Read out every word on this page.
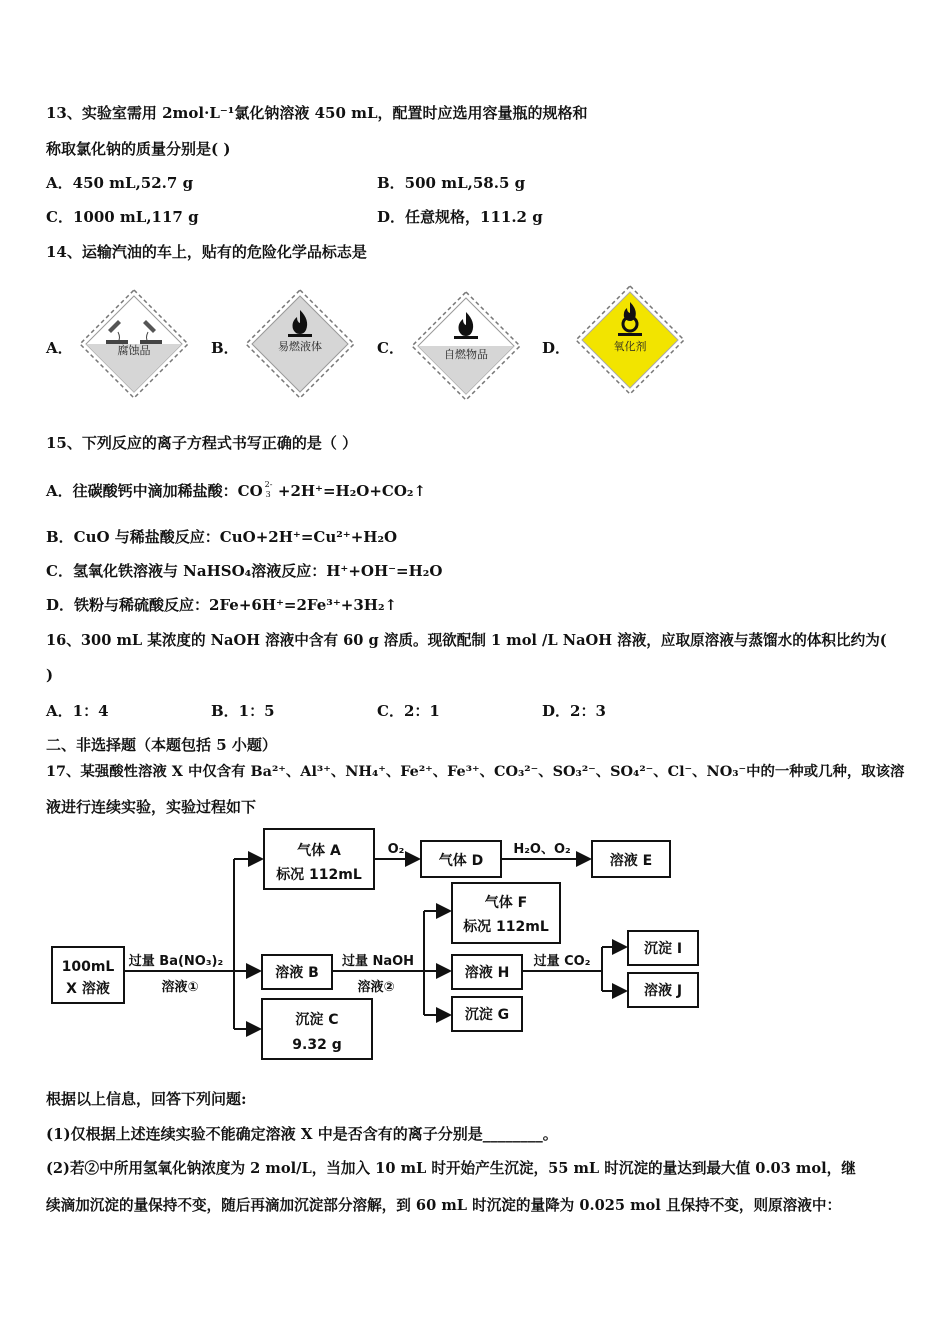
13、实验室需用 2mol·L⁻¹氯化钠溶液 450 mL，配置时应选用容量瓶的规格和
称取氯化钠的质量分别是( )
A．450 mL,52.7 g	B．500 mL,58.5 g
C．1000 mL,117 g	D．任意规格，111.2 g
14、运输汽油的车上，贴有的危险化学品标志是
A．	腐蚀品	B．	易燃液体	C．	自燃物品	D．	氧化剂
15、下列反应的离子方程式书写正确的是（ ）
A．往碳酸钙中滴加稀盐酸：CO 2-
3 +2H⁺=H₂O+CO₂↑
B．CuO 与稀盐酸反应：CuO+2H⁺=Cu²⁺+H₂O
C．氢氧化铁溶液与 NaHSO₄溶液反应：H⁺+OH⁻=H₂O
D．铁粉与稀硫酸反应：2Fe+6H⁺=2Fe³⁺+3H₂↑
16、300 mL 某浓度的 NaOH 溶液中含有 60 g 溶质。现欲配制 1 mol /L NaOH 溶液，应取原溶液与蒸馏水的体积比约为(
)
A．1：4	B．1：5	C．2：1	D．2：3
二、非选择题（本题包括 5 小题）
17、某强酸性溶液 X 中仅含有 Ba²⁺、Al³⁺、NH₄⁺、Fe²⁺、Fe³⁺、CO₃²⁻、SO₃²⁻、SO₄²⁻、Cl⁻、NO₃⁻中的一种或几种，取该溶
液进行连续实验，实验过程如下
100mL
X 溶液
过量 Ba(NO₃)₂
溶液①
气体 A
标况 112mL
O₂
气体 D
H₂O、O₂
溶液 E
溶液 B
过量 NaOH
溶液②
沉淀 C
9.32 g
气体 F
标况 112mL
溶液 H
沉淀 G
过量 CO₂
沉淀 I
溶液 J
根据以上信息，回答下列问题:
(1)仅根据上述连续实验不能确定溶液 X 中是否含有的离子分别是________。
(2)若②中所用氢氧化钠浓度为 2 mol/L，当加入 10 mL 时开始产生沉淀，55 mL 时沉淀的量达到最大值 0.03 mol，继
续滴加沉淀的量保持不变，随后再滴加沉淀部分溶解，到 60 mL 时沉淀的量降为 0.025 mol 且保持不变，则原溶液中：
